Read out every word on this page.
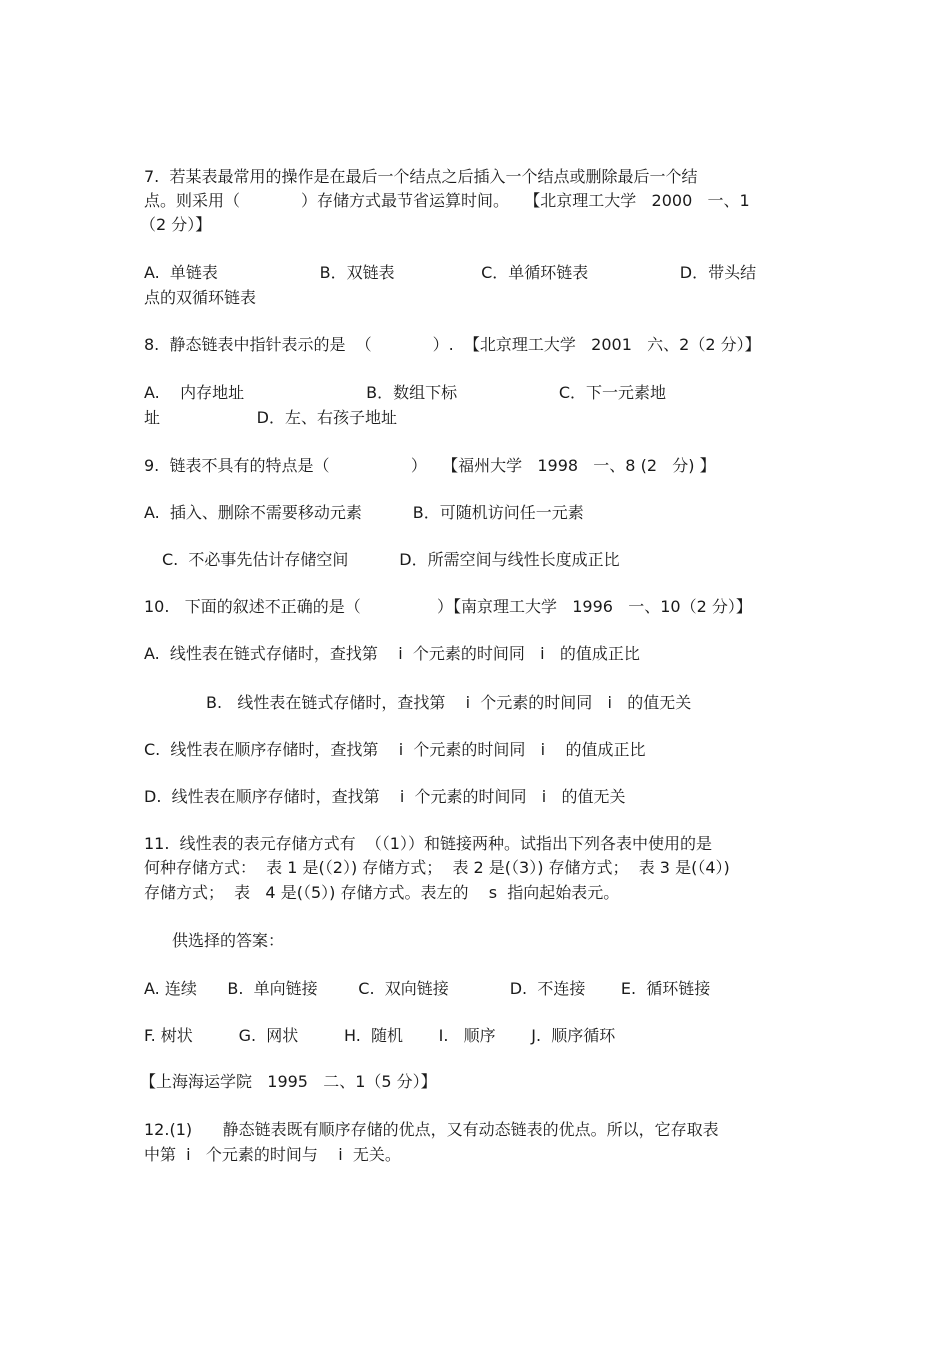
7.  若某表最常用的操作是在最后一个结点之后插入一个结点或删除最后一个结
点。则采用（            ）存储方式最节省运算时间。   【北京理工大学   2000   一、1
（2 分）】
A.  单链表                    B．双链表                 C．单循环链表                  D．带头结
点的双循环链表
8.  静态链表中指针表示的是  （            ）.  【北京理工大学   2001   六、2（2 分）】
A.    内存地址                        B．数组下标                    C．下一元素地
址                   D．左、右孩子地址
9.  链表不具有的特点是（                ）   【福州大学   1998   一、8 (2   分) 】
A.  插入、删除不需要移动元素          B．可随机访问任一元素
C.  不必事先估计存储空间          D．所需空间与线性长度成正比
10.   下面的叙述不正确的是（               ）【南京理工大学   1996   一、10（2 分）】
A.  线性表在链式存储时，查找第    i  个元素的时间同   i   的值成正比
B.   线性表在链式存储时，查找第    i  个元素的时间同   i   的值无关
C.  线性表在顺序存储时，查找第    i  个元素的时间同   i    的值成正比
D.  线性表在顺序存储时，查找第    i  个元素的时间同   i   的值无关
11.  线性表的表元存储方式有  （（1））和链接两种。试指出下列各表中使用的是
何种存储方式：  表 1 是(（2）) 存储方式；  表 2 是(（3）) 存储方式；  表 3 是(（4）)
存储方式；  表   4 是(（5）) 存储方式。表左的    s  指向起始表元。
供选择的答案：
A. 连续      B.  单向链接        C.  双向链接            D.  不连接       E.  循环链接
F. 树状         G.  网状         H.  随机       I.   顺序       J.  顺序循环
【上海海运学院   1995   二、1（5 分）】
12.(1)      静态链表既有顺序存储的优点，又有动态链表的优点。所以，它存取表
中第  i   个元素的时间与    i  无关。
